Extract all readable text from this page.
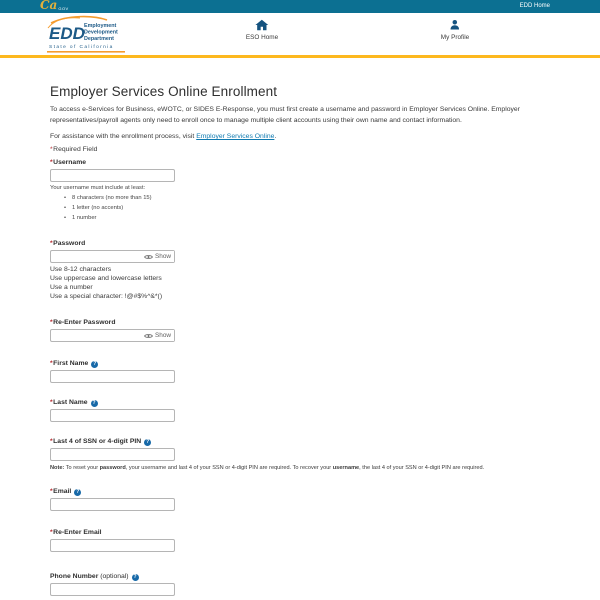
Ca GOV	EDD Home
EDD Employment
Development
Department
State of California
ESO Home	My Profile
Employer Services Online Enrollment

To access e-Services for Business, eWOTC, or SIDES E-Response, you must first create a username and password in Employer Services Online. Employer representatives/payroll agents only need to enroll once to manage multiple client accounts using their own name and contact information.

For assistance with the enrollment process, visit Employer Services Online.

*Required Field

*Username
Your username must include at least:
• 8 characters (no more than 15)
• 1 letter (no accents)
• 1 number
*Password
Show
Use 8-12 characters
Use uppercase and lowercase letters
Use a number
Use a special character: !@#$%^&*()
*Re-Enter Password
Show
*First Name ?
*Last Name ?
*Last 4 of SSN or 4-digit PIN ?

Note: To reset your password, your username and last 4 of your SSN or 4-digit PIN are required. To recover your username, the last 4 of your SSN or 4-digit PIN are required.

*Email ?
*Re-Enter Email
Phone Number (optional) ?
